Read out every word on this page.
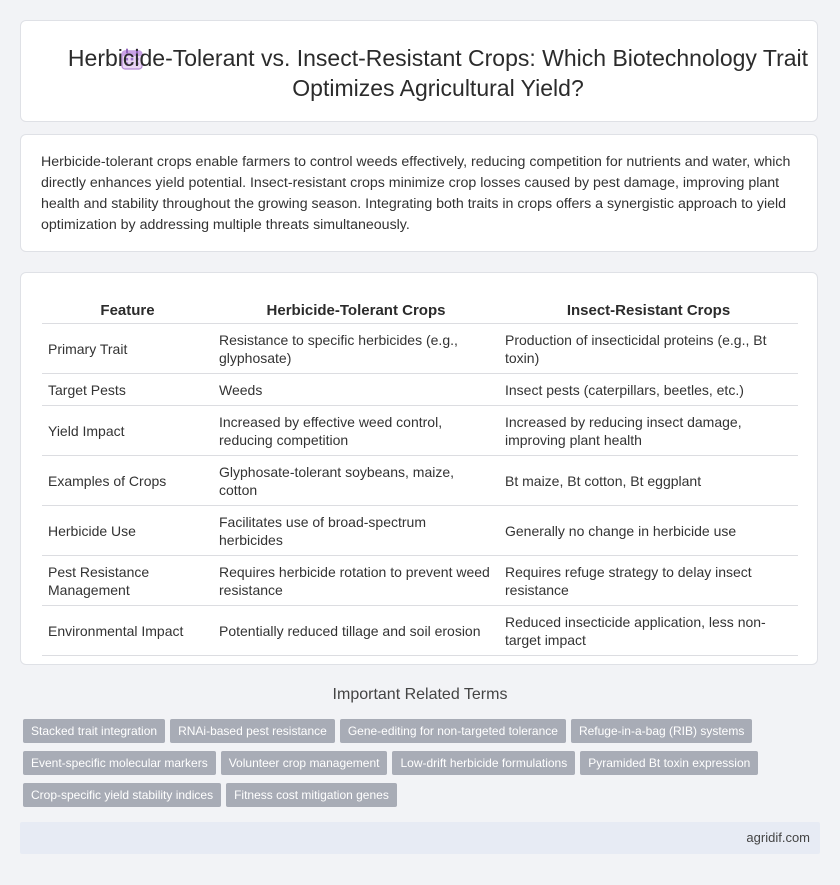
Herbicide-Tolerant vs. Insect-Resistant Crops: Which Biotechnology Trait Optimizes Agricultural Yield?

Herbicide-tolerant crops enable farmers to control weeds effectively, reducing competition for nutrients and water, which directly enhances yield potential. Insect-resistant crops minimize crop losses caused by pest damage, improving plant health and stability throughout the growing season. Integrating both traits in crops offers a synergistic approach to yield optimization by addressing multiple threats simultaneously.

Feature	Herbicide-Tolerant Crops	Insect-Resistant Crops
Primary Trait	Resistance to specific herbicides (e.g., glyphosate)	Production of insecticidal proteins (e.g., Bt toxin)
Target Pests	Weeds	Insect pests (caterpillars, beetles, etc.)
Yield Impact	Increased by effective weed control, reducing competition	Increased by reducing insect damage, improving plant health
Examples of Crops	Glyphosate-tolerant soybeans, maize, cotton	Bt maize, Bt cotton, Bt eggplant
Herbicide Use	Facilitates use of broad-spectrum herbicides	Generally no change in herbicide use
Pest Resistance Management	Requires herbicide rotation to prevent weed resistance	Requires refuge strategy to delay insect resistance
Environmental Impact	Potentially reduced tillage and soil erosion	Reduced insecticide application, less non-target impact
Important Related Terms
Stacked trait integration RNAi-based pest resistance Gene-editing for non-targeted tolerance Refuge-in-a-bag (RIB) systemsEvent-specific molecular markers Volunteer crop management Low-drift herbicide formulations Pyramided Bt toxin expressionCrop-specific yield stability indices Fitness cost mitigation genes
agridif.com
